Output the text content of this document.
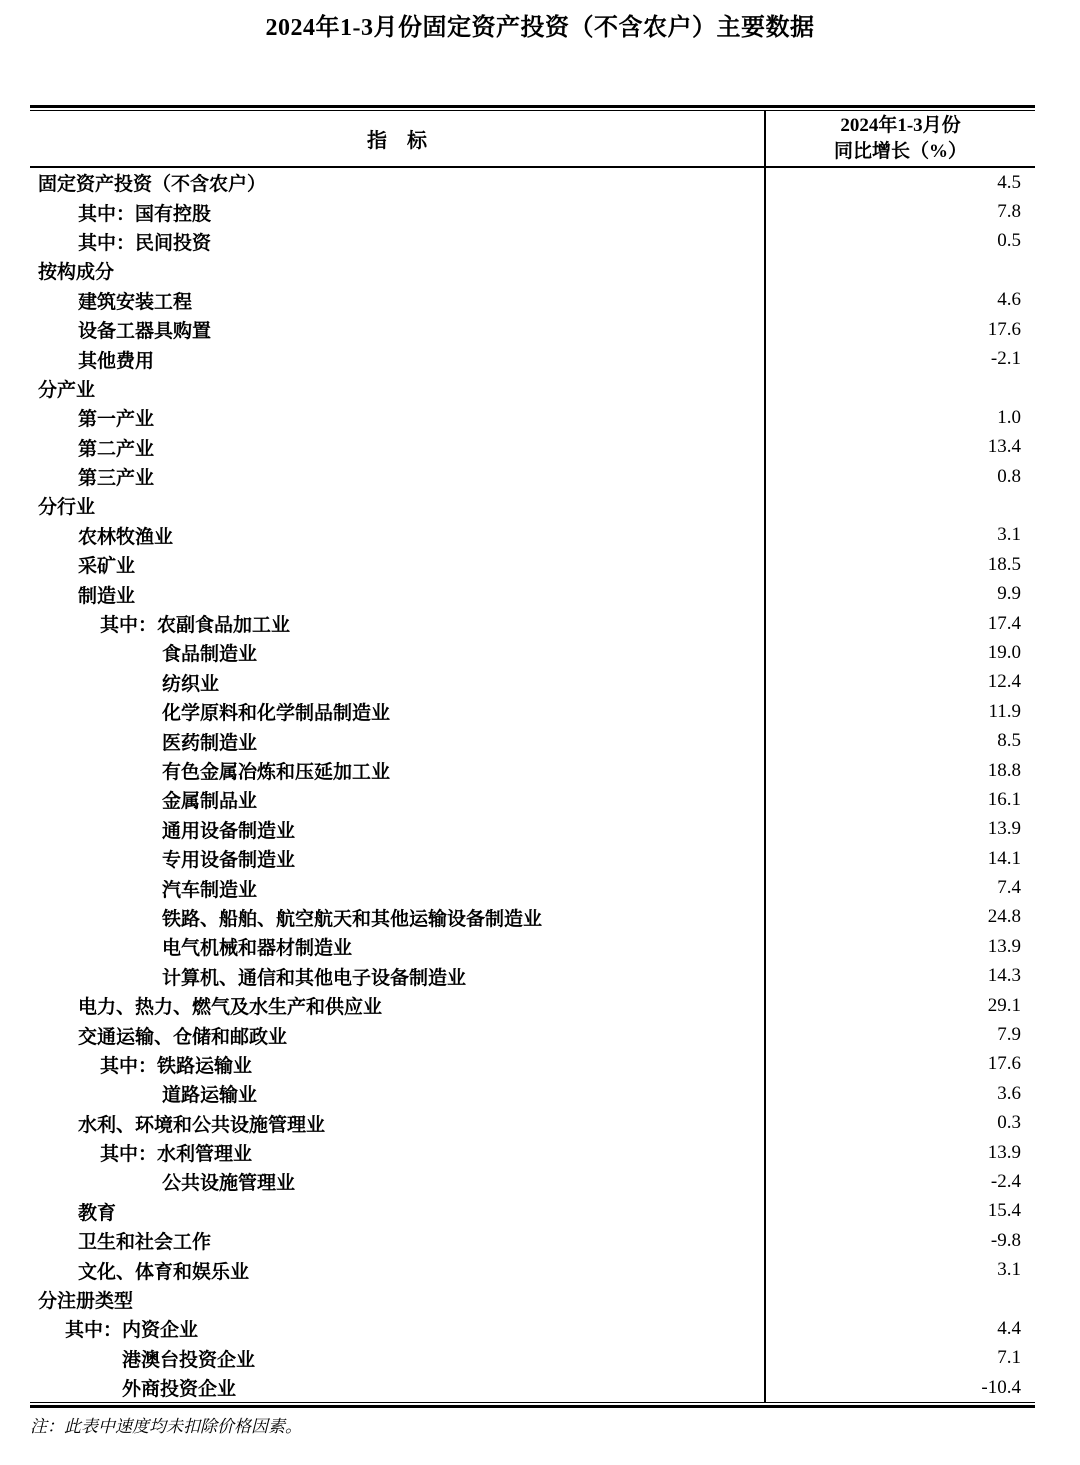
2024年1-3月份固定资产投资（不含农户）主要数据
指　标	2024年1-3月份
同比增长（%）

固定资产投资（不含农户）	4.5
其中：国有控股	7.8
其中：民间投资	0.5
按构成分	
建筑安装工程	4.6
设备工器具购置	17.6
其他费用	-2.1
分产业	
第一产业	1.0
第二产业	13.4
第三产业	0.8
分行业	
农林牧渔业	3.1
采矿业	18.5
制造业	9.9
其中：农副食品加工业	17.4
食品制造业	19.0
纺织业	12.4
化学原料和化学制品制造业	11.9
医药制造业	8.5
有色金属冶炼和压延加工业	18.8
金属制品业	16.1
通用设备制造业	13.9
专用设备制造业	14.1
汽车制造业	7.4
铁路、船舶、航空航天和其他运输设备制造业	24.8
电气机械和器材制造业	13.9
计算机、通信和其他电子设备制造业	14.3
电力、热力、燃气及水生产和供应业	29.1
交通运输、仓储和邮政业	7.9
其中：铁路运输业	17.6
道路运输业	3.6
水利、环境和公共设施管理业	0.3
其中：水利管理业	13.9
公共设施管理业	-2.4
教育	15.4
卫生和社会工作	-9.8
文化、体育和娱乐业	3.1
分注册类型	
其中：内资企业	4.4
港澳台投资企业	7.1
外商投资企业	-10.4

注：此表中速度均未扣除价格因素。
